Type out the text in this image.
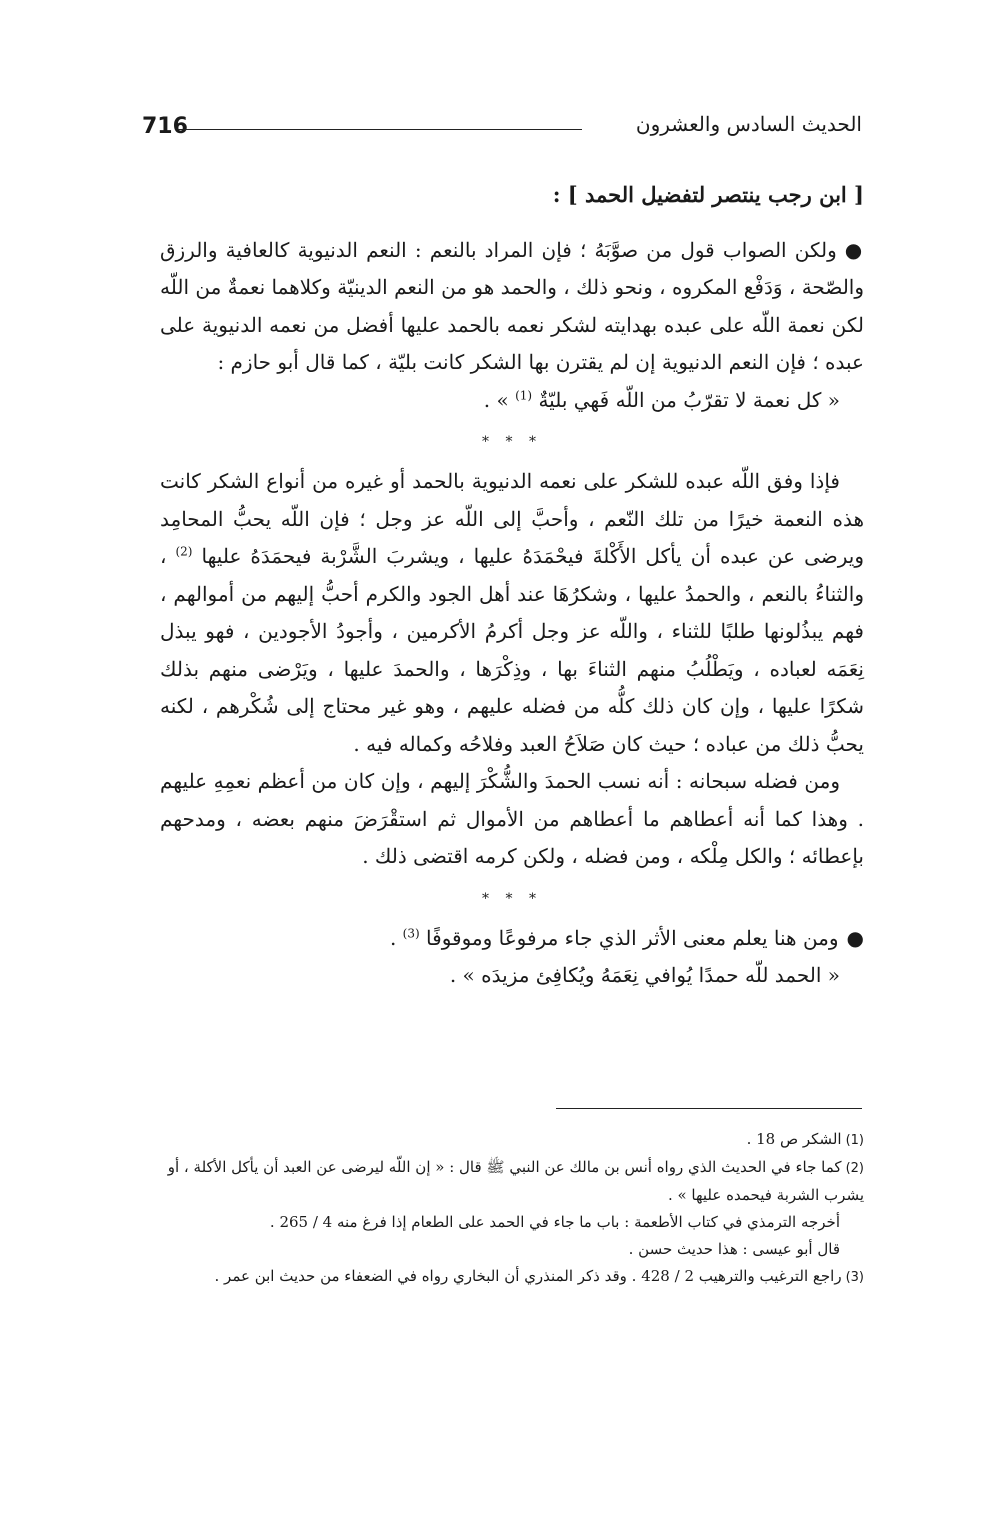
716	الحديث السادس والعشرون

[ ابن رجب ينتصر لتفضيل الحمد ] :

●ولكن الصواب قول من صوَّبَهُ ؛ فإن المراد بالنعم : النعم الدنيوية كالعافية والرزق والصّحة ، وَدَفْع المكروه ، ونحو ذلك ، والحمد هو من النعم الدينيّة وكلاهما نعمةٌ من اللّه لكن نعمة اللّه على عبده بهدايته لشكر نعمه بالحمد عليها أفضل من نعمه الدنيوية على عبده ؛ فإن النعم الدنيوية إن لم يقترن بها الشكر كانت بليّة ، كما قال أبو حازم :

« كل نعمة لا تقرّبُ من اللّه فَهي بليّةٌ $^{(1)}$ » .

* * *

فإذا وفق اللّه عبده للشكر على نعمه الدنيوية بالحمد أو غيره من أنواع الشكر كانت هذه النعمة خيرًا من تلك النّعم ، وأحبَّ إلى اللّه عز وجل ؛ فإن اللّه يحبُّ المحامِد ويرضى عن عبده أن يأكل الأَكْلةَ فيحْمَدَهُ عليها ، ويشربَ الشَّرْبة فيحمَدَهُ عليها $^{(2)}$ ، والثناءُ بالنعم ، والحمدُ عليها ، وشكرُهَا عند أهل الجود والكرم أحبُّ إليهم من أموالهم ، فهم يبذُلونها طلبًا للثناء ، واللّه عز وجل أكرمُ الأكرمين ، وأجودُ الأجودين ، فهو يبذل نِعَمَه لعباده ، ويَطْلُبُ منهم الثناءَ بها ، وذِكْرَها ، والحمدَ عليها ، ويَرْضى منهم بذلك شكرًا عليها ، وإن كان ذلك كلُّه من فضله عليهم ، وهو غير محتاج إلى شُكْرهم ، لكنه يحبُّ ذلك من عباده ؛ حيث كان صَلاَحُ العبد وفلاحُه وكماله فيه .

ومن فضله سبحانه : أنه نسب الحمدَ والشُّكْرَ إليهم ، وإن كان من أعظم نعمِهِ عليهم . وهذا كما أنه أعطاهم ما أعطاهم من الأموال ثم استقْرَضَ منهم بعضه ، ومدحهم بإعطائه ؛ والكل مِلْكه ، ومن فضله ، ولكن كرمه اقتضى ذلك .

* * *

●ومن هنا يعلم معنى الأثر الذي جاء مرفوعًا وموقوفًا $^{(3)}$ .

« الحمد للّه حمدًا يُوافي نِعَمَهُ ويُكافِئ مزيدَه » .

(1)الشكر ص 18 .

(2)كما جاء في الحديث الذي رواه أنس بن مالك عن النبي ﷺ قال : « إن اللّه ليرضى عن العبد أن يأكل الأكلة ، أو يشرب الشربة فيحمده عليها » .

أخرجه الترمذي في كتاب الأطعمة : باب ما جاء في الحمد على الطعام إذا فرغ منه 4 / 265 .

قال أبو عيسى : هذا حديث حسن .

(3)راجع الترغيب والترهيب 2 / 428 . وقد ذكر المنذري أن البخاري رواه في الضعفاء من حديث ابن عمر .
